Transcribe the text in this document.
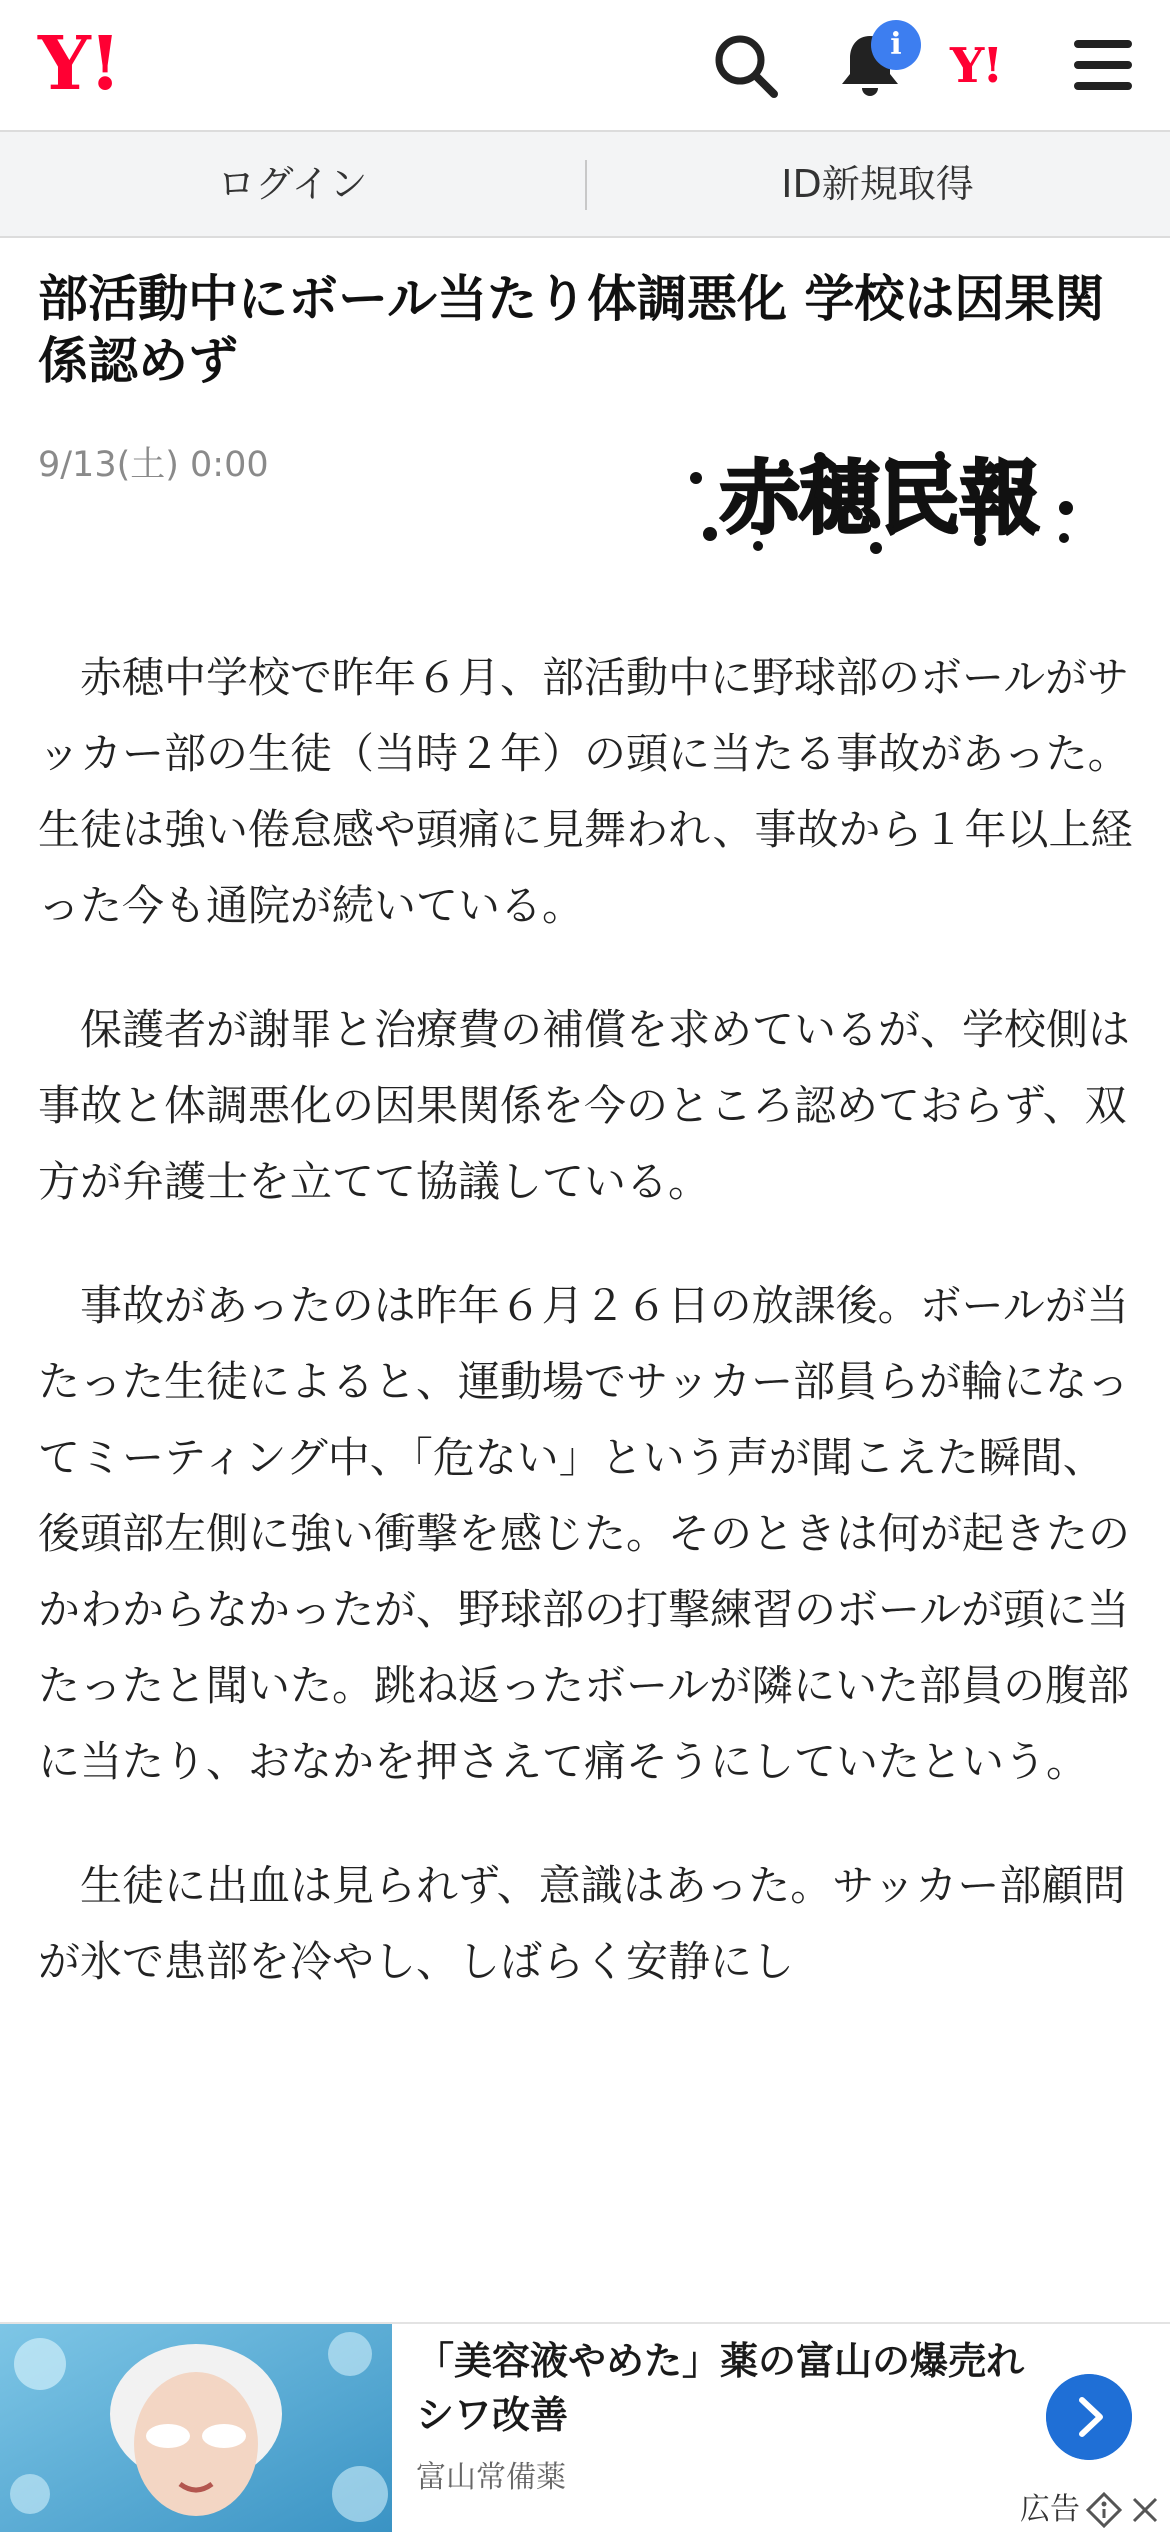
Y!	i	Y!
ログイン	ID新規取得
部活動中にボール当たり体調悪化 学校は因果関係認めず
9/13(土) 0:00	赤穂民報

赤穂中学校で昨年６月、部活動中に野球部のボールがサッカー部の生徒（当時２年）の頭に当たる事故があった。生徒は強い倦怠感や頭痛に見舞われ、事故から１年以上経った今も通院が続いている。

保護者が謝罪と治療費の補償を求めているが、学校側は事故と体調悪化の因果関係を今のところ認めておらず、双方が弁護士を立てて協議している。

事故があったのは昨年６月２６日の放課後。ボールが当たった生徒によると、運動場でサッカー部員らが輪になってミーティング中、「危ない」という声が聞こえた瞬間、後頭部左側に強い衝撃を感じた。そのときは何が起きたのかわからなかったが、野球部の打撃練習のボールが頭に当たったと聞いた。跳ね返ったボールが隣にいた部員の腹部に当たり、おなかを押さえて痛そうにしていたという。

生徒に出血は見られず、意識はあった。サッカー部顧問が氷で患部を冷やし、しばらく安静にし

「美容液やめた」薬の富山の爆売れシワ改善
富山常備薬
広告
